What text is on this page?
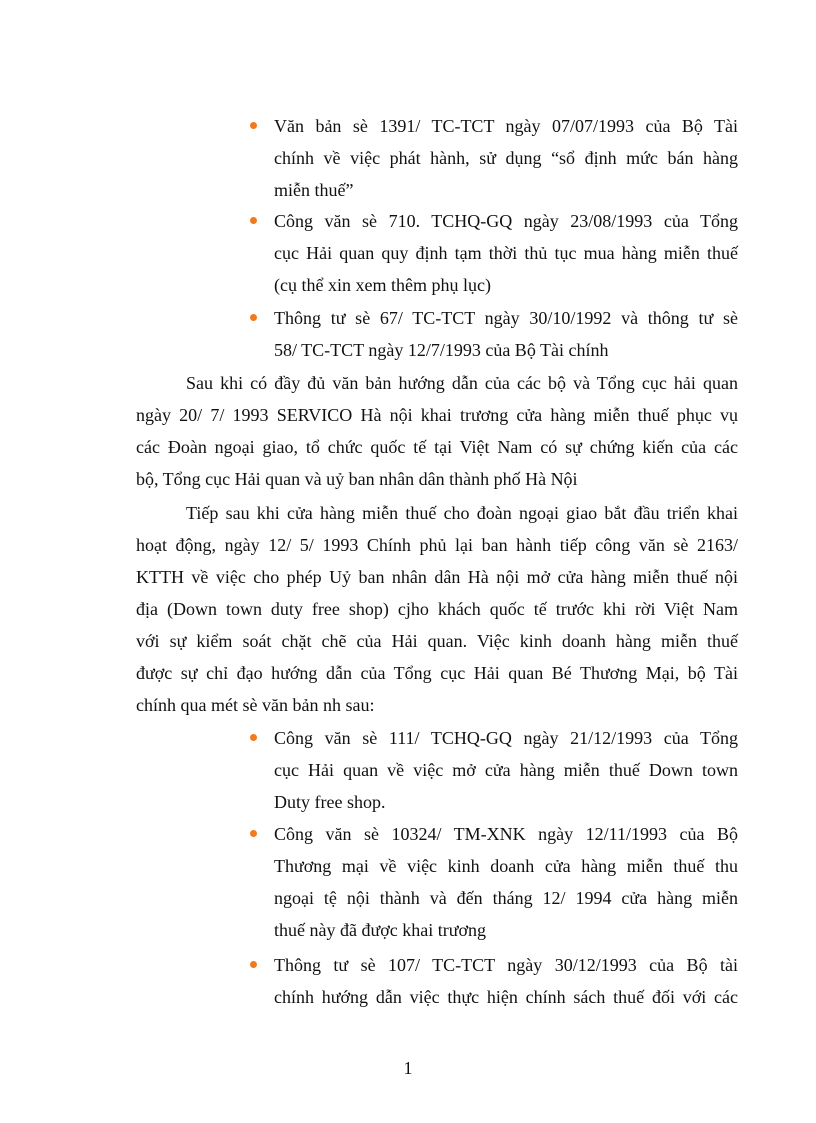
Văn bản sè 1391/ TC-TCT ngày 07/07/1993 của Bộ Tài
chính về việc phát hành, sử dụng “sổ định mức bán hàng
miễn thuế”
Công văn sè 710. TCHQ-GQ ngày 23/08/1993 của Tổng
cục Hải quan quy định tạm thời thủ tục mua hàng miễn thuế
(cụ thể xin xem thêm phụ lục)
Thông tư sè 67/ TC-TCT ngày 30/10/1992 và thông tư sè
58/ TC-TCT ngày 12/7/1993 của Bộ Tài chính
Sau khi có đầy đủ văn bản hướng dẫn của các bộ và Tổng cục hải quan
ngày 20/ 7/ 1993 SERVICO Hà nội khai trương cửa hàng miễn thuế phục vụ
các Đoàn ngoại giao, tổ chức quốc tế tại Việt Nam có sự chứng kiến của các
bộ, Tổng cục Hải quan và uỷ ban nhân dân thành phố Hà Nội
Tiếp sau khi cửa hàng miễn thuế cho đoàn ngoại giao bắt đầu triển khai
hoạt động, ngày 12/ 5/ 1993 Chính phủ lại ban hành tiếp công văn sè 2163/
KTTH về việc cho phép Uỷ ban nhân dân Hà nội mở cửa hàng miễn thuế nội
địa (Down town duty free shop) cjho khách quốc tế trước khi rời Việt Nam
với sự kiểm soát chặt chẽ của Hải quan. Việc kinh doanh hàng miễn thuế
được sự chỉ đạo hướng dẫn của Tổng cục Hải quan Bé Thương Mại, bộ Tài
chính qua mét sè văn bản nh sau:
Công văn sè 111/ TCHQ-GQ ngày 21/12/1993 của Tổng
cục Hải quan về việc mở cửa hàng miễn thuế Down town
Duty free shop.
Công văn sè 10324/ TM-XNK ngày 12/11/1993 của Bộ
Thương mại về việc kinh doanh cửa hàng miễn thuế thu
ngoại tệ nội thành và đến tháng 12/ 1994 cửa hàng miễn
thuế này đã được khai trương
Thông tư sè 107/ TC-TCT ngày 30/12/1993 của Bộ tài
chính hướng dẫn việc thực hiện chính sách thuế đối với các
1
